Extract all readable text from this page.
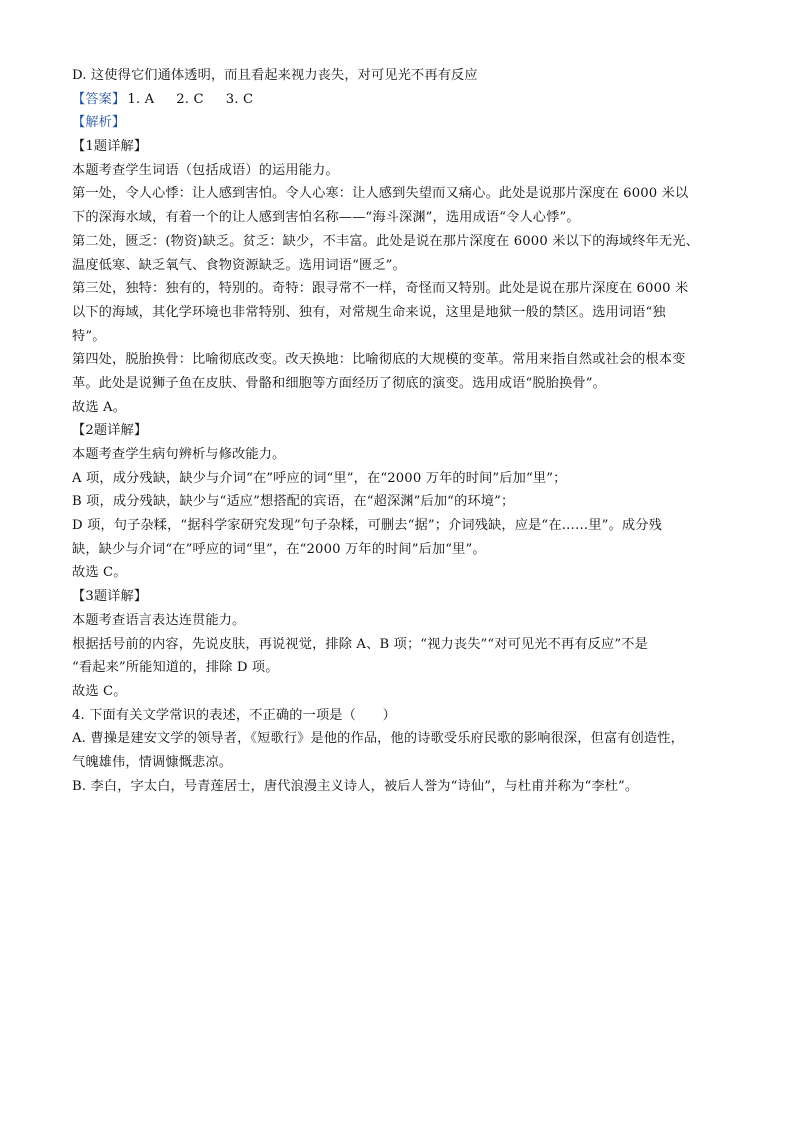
D. 这使得它们通体透明，而且看起来视力丧失，对可见光不再有反应
【答案】 1. A 2. C 3. C
【解析】
【1题详解】
本题考查学生词语（包括成语）的运用能力。
第一处，令人心悸：让人感到害怕。令人心寒：让人感到失望而又痛心。此处是说那片深度在 6000 米以
下的深海水域，有着一个的让人感到害怕名称——“海斗深渊”，选用成语“令人心悸”。
第二处，匮乏：(物资)缺乏。贫乏：缺少，不丰富。此处是说在那片深度在 6000 米以下的海域终年无光、
温度低寒、缺乏氧气、食物资源缺乏。选用词语“匮乏”。
第三处，独特：独有的，特别的。奇特：跟寻常不一样，奇怪而又特别。此处是说在那片深度在 6000 米
以下的海域，其化学环境也非常特别、独有，对常规生命来说，这里是地狱一般的禁区。选用词语“独
特”。
第四处，脱胎换骨：比喻彻底改变。改天换地：比喻彻底的大规模的变革。常用来指自然或社会的根本变
革。此处是说狮子鱼在皮肤、骨骼和细胞等方面经历了彻底的演变。选用成语“脱胎换骨”。
故选 A。
【2题详解】
本题考查学生病句辨析与修改能力。
A 项，成分残缺，缺少与介词“在”呼应的词“里”，在“2000 万年的时间”后加“里”；
B 项，成分残缺，缺少与“适应”想搭配的宾语，在“超深渊”后加“的环境”；
D 项，句子杂糅，“据科学家研究发现”句子杂糅，可删去“据”；介词残缺，应是“在……里”。成分残
缺，缺少与介词“在”呼应的词“里”，在“2000 万年的时间”后加“里”。
故选 C。
【3题详解】
本题考查语言表达连贯能力。
根据括号前的内容，先说皮肤，再说视觉，排除 A、B 项；“视力丧失”“对可见光不再有反应”不是
“看起来”所能知道的，排除 D 项。
故选 C。
4. 下面有关文学常识的表述，不正确的一项是（　　）
A. 曹操是建安文学的领导者，《短歌行》是他的作品，他的诗歌受乐府民歌的影响很深，但富有创造性，
气魄雄伟，情调慷慨悲凉。
B. 李白，字太白，号青莲居士，唐代浪漫主义诗人，被后人誉为“诗仙”，与杜甫并称为“李杜”。
